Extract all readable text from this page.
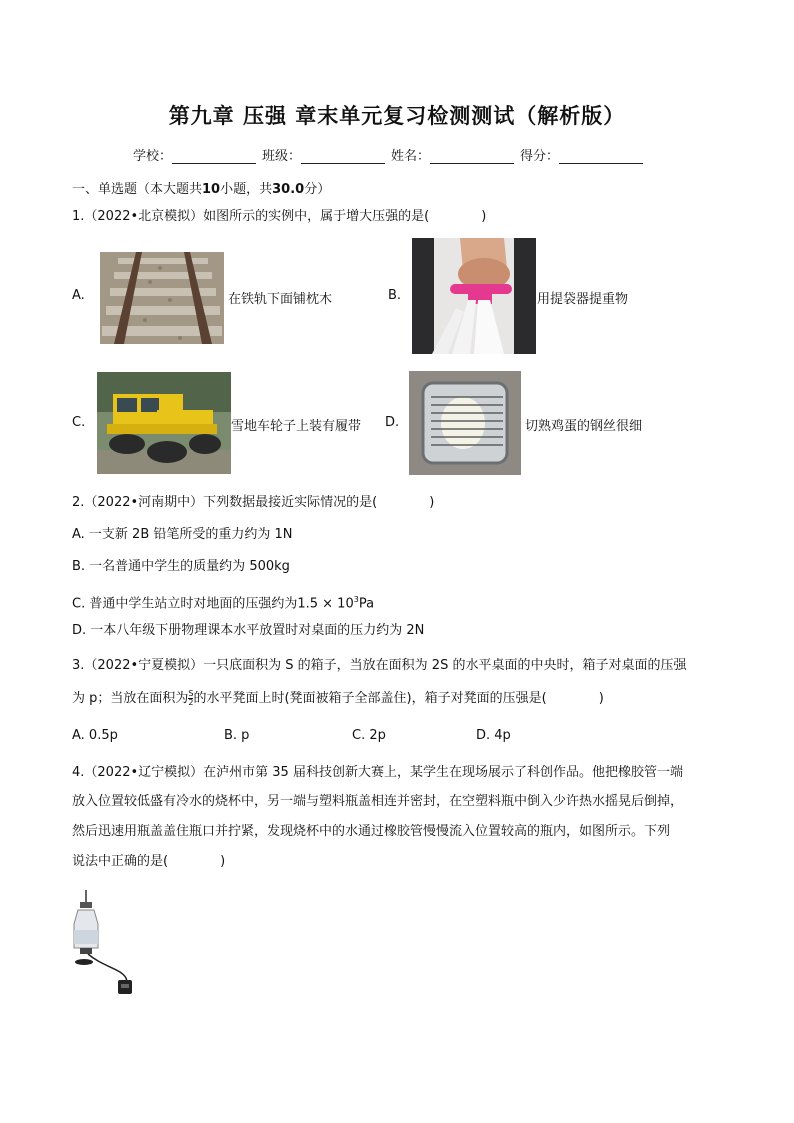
第九章 压强 章末单元复习检测测试（解析版）
学校：	班级：	姓名：	得分：
一、单选题（本大题共10小题，共30.0分）
1.（2022•北京模拟）如图所示的实例中，属于增大压强的是(　　　　)
A.	在铁轨下面铺枕木	B.	用提袋器提重物
C.	雪地车轮子上装有履带 D.	切熟鸡蛋的钢丝很细
2.（2022•河南期中）下列数据最接近实际情况的是(　　　　)
A. 一支新 2B 铅笔所受的重力约为 1N
B. 一名普通中学生的质量约为 500kg
C. 普通中学生站立时对地面的压强约为$1.5 \times 10^3Pa$
D. 一本八年级下册物理课本水平放置时对桌面的压力约为 2N
3.（2022•宁夏模拟）一只底面积为 S 的箱子，当放在面积为 2S 的水平桌面的中央时，箱子对桌面的压强
为 p；当放在面积为 $\frac{S}{2}$ 的水平凳面上时(凳面被箱子全部盖住)，箱子对凳面的压强是(　　　　)
A. 0.5p	B. p	C. 2p	D. 4p
4.（2022•辽宁模拟）在泸州市第 35 届科技创新大赛上，某学生在现场展示了科创作品。他把橡胶管一端
放入位置较低盛有冷水的烧杯中，另一端与塑料瓶盖相连并密封，在空塑料瓶中倒入少许热水摇晃后倒掉，
然后迅速用瓶盖盖住瓶口并拧紧，发现烧杯中的水通过橡胶管慢慢流入位置较高的瓶内，如图所示。下列
说法中正确的是(　　　　)
